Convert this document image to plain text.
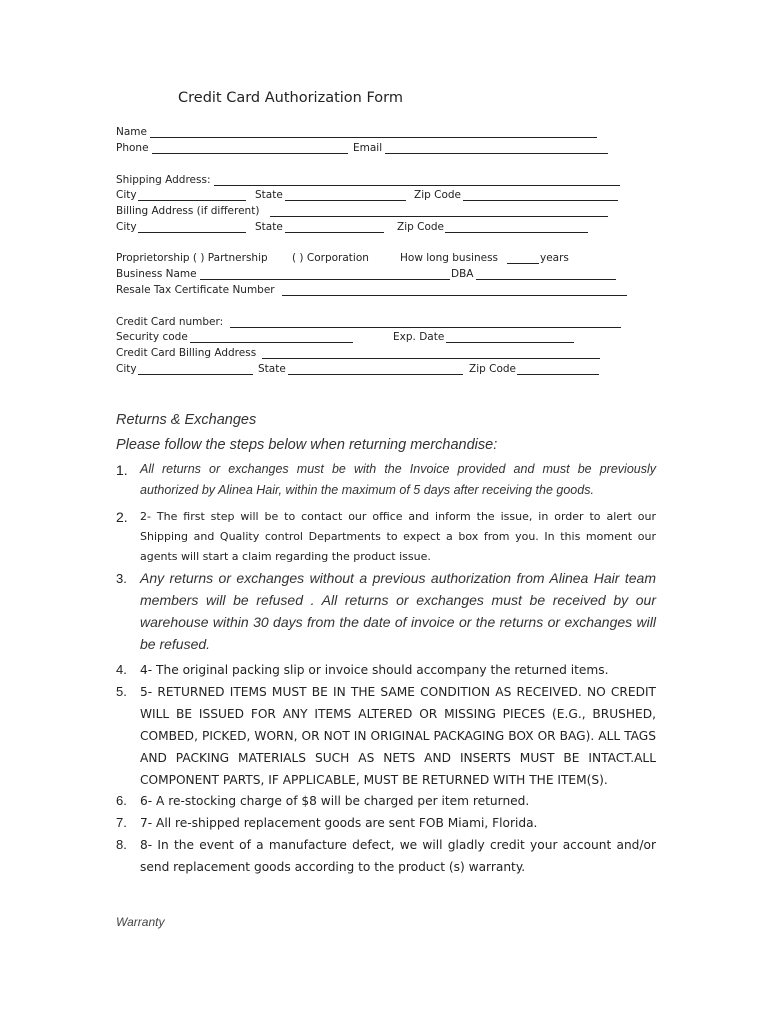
Credit Card Authorization Form
Name
Phone	Email
Shipping Address:
City	State	Zip Code
Billing Address (if different)
City	State	Zip Code
Proprietorship ( ) Partnership ( ) Corporation	How long business	years
Business Name	DBA
Resale Tax Certificate Number
Credit Card number:
Security code	Exp. Date
Credit Card Billing Address
City	State	Zip Code
Returns & Exchanges
Please follow the steps below when returning merchandise:
1. All returns or exchanges must be with the Invoice provided and must be previously authorized by Alinea Hair, within the maximum of 5 days after receiving the goods.
2. 2- The first step will be to contact our office and inform the issue, in order to alert our Shipping and Quality control Departments to expect a box from you. In this moment our agents will start a claim regarding the product issue.
3. Any returns or exchanges without a previous authorization from Alinea Hair team members will be refused . All returns or exchanges must be received by our warehouse within 30 days from the date of invoice or the returns or exchanges will be refused.
4. 4- The original packing slip or invoice should accompany the returned items.
5. 5- RETURNED ITEMS MUST BE IN THE SAME CONDITION AS RECEIVED. NO CREDIT WILL BE ISSUED FOR ANY ITEMS ALTERED OR MISSING PIECES (E.G., BRUSHED, COMBED, PICKED, WORN, OR NOT IN ORIGINAL PACKAGING BOX OR BAG). ALL TAGS AND PACKING MATERIALS SUCH AS NETS AND INSERTS MUST BE INTACT.ALL COMPONENT PARTS, IF APPLICABLE, MUST BE RETURNED WITH THE ITEM(S).
6. 6- A re-stocking charge of $8 will be charged per item returned.
7. 7- All re-shipped replacement goods are sent FOB Miami, Florida.
8. 8- In the event of a manufacture defect, we will gladly credit your account and/or send replacement goods according to the product (s) warranty.
Warranty
